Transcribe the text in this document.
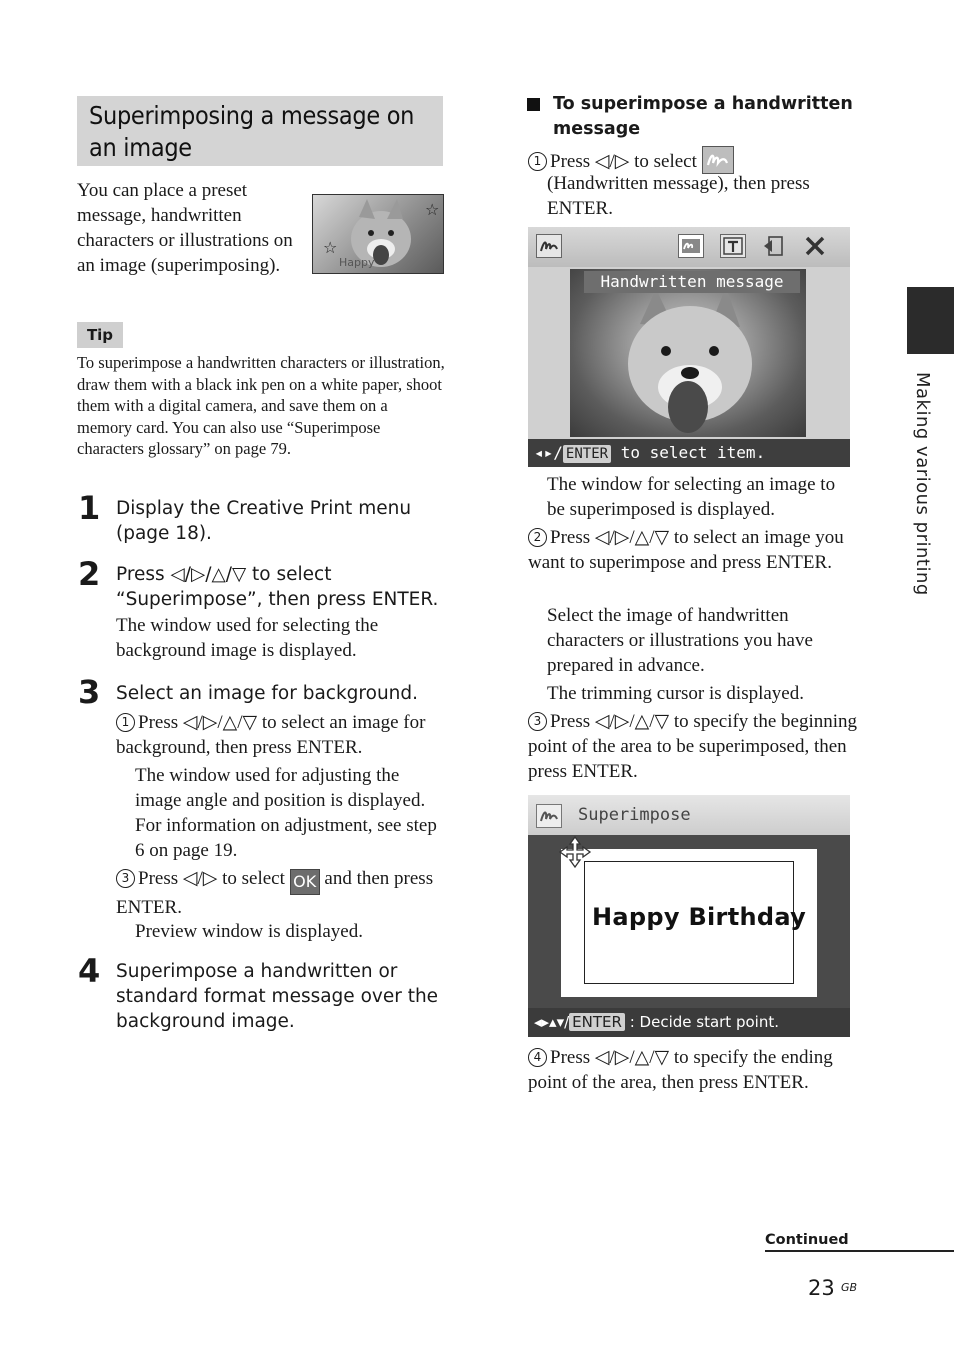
Superimposing a message on an image
You can place a preset message, handwritten characters or illustrations on an image (superimposing).
☆
☆
Happy
Tip
To superimpose a handwritten characters or illustration, draw them with a black ink pen on a white paper, shoot them with a digital camera, and save them on a memory card. You can also use “Superimpose characters glossary” on page 79.
1 Display the Creative Print menu (page 18).
2 Press ◁/▷/△/▽ to select “Superimpose”, then press ENTER.
The window used for selecting the background image is displayed.
3 Select an image for background.
1 Press ◁/▷/△/▽ to select an image for background, then press ENTER.
The window used for adjusting the image angle and position is displayed. For information on adjustment, see step 6 on page 19.
3 Press ◁/▷ to select OK and then press ENTER.
Preview window is displayed.
4 Superimpose a handwritten or standard format message over the background image.
To superimpose a handwritten message
1 Press ◁/▷ to select
(Handwritten message), then press ENTER.
Handwritten message
◂▸/ ENTER to select item.
The window for selecting an image to be superimposed is displayed.
2 Press ◁/▷/△/▽ to select an image you want to superimpose and press ENTER.
Select the image of handwritten characters or illustrations you have prepared in advance.
The trimming cursor is displayed.
3 Press ◁/▷/△/▽ to specify the beginning point of the area to be superimposed, then press ENTER.
Superimpose
Happy Birthday
◂▸▴▾/ ENTER : Decide start point.
4 Press ◁/▷/△/▽ to specify the ending point of the area, then press ENTER.
Making various printing
Continued
23 GB
